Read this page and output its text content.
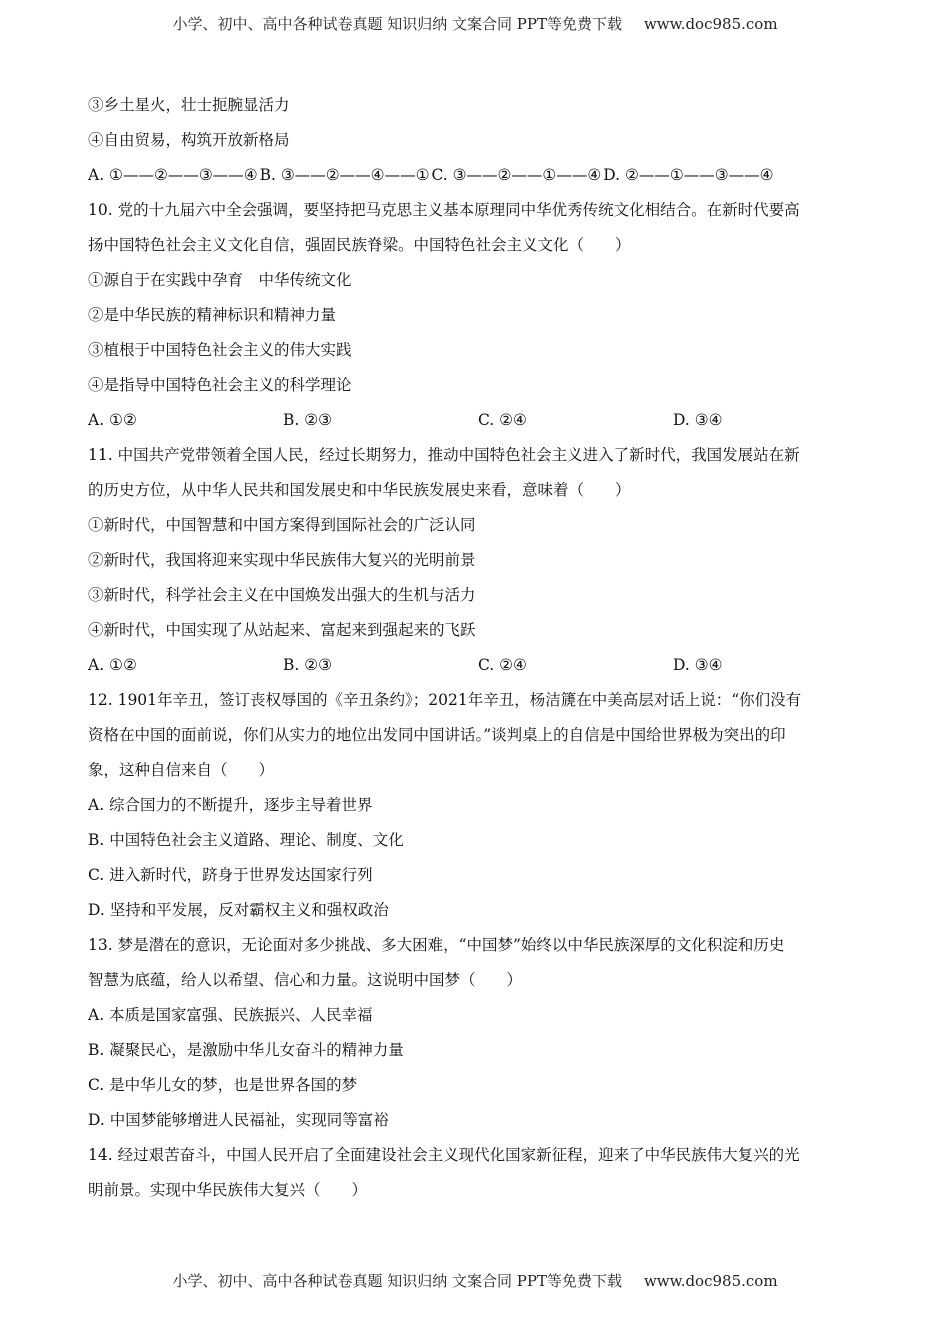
小学、初中、高中各种试卷真题 知识归纳 文案合同 PPT等免费下载 www.doc985.com
③乡土星火，壮士扼腕显活力
④自由贸易，构筑开放新格局
A. ①——②——③——④ B. ③——②——④——① C. ③——②——①——④ D. ②——①——③——④
10. 党的十九届六中全会强调，要坚持把马克思主义基本原理同中华优秀传统文化相结合。在新时代要高
扬中国特色社会主义文化自信，强固民族脊梁。中国特色社会主义文化（　　）
①源自于在实践中孕育　中华传统文化
②是中华民族的精神标识和精神力量
③植根于中国特色社会主义的伟大实践
④是指导中国特色社会主义的科学理论
A. ①②	B. ②③	C. ②④	D. ③④
11. 中国共产党带领着全国人民，经过长期努力，推动中国特色社会主义进入了新时代，我国发展站在新
的历史方位，从中华人民共和国发展史和中华民族发展史来看，意味着（　　）
①新时代，中国智慧和中国方案得到国际社会的广泛认同
②新时代，我国将迎来实现中华民族伟大复兴的光明前景
③新时代，科学社会主义在中国焕发出强大的生机与活力
④新时代，中国实现了从站起来、富起来到强起来的飞跃
A. ①②	B. ②③	C. ②④	D. ③④
12. 1901年辛丑，签订丧权辱国的《辛丑条约》；2021年辛丑，杨洁篪在中美高层对话上说：“你们没有
资格在中国的面前说，你们从实力的地位出发同中国讲话。”谈判桌上的自信是中国给世界极为突出的印
象，这种自信来自（　　）
A. 综合国力的不断提升，逐步主导着世界
B. 中国特色社会主义道路、理论、制度、文化
C. 进入新时代，跻身于世界发达国家行列
D. 坚持和平发展，反对霸权主义和强权政治
13. 梦是潜在的意识，无论面对多少挑战、多大困难，“中国梦”始终以中华民族深厚的文化积淀和历史
智慧为底蕴，给人以希望、信心和力量。这说明中国梦（　　）
A. 本质是国家富强、民族振兴、人民幸福
B. 凝聚民心，是激励中华儿女奋斗的精神力量
C. 是中华儿女的梦，也是世界各国的梦
D. 中国梦能够增进人民福祉，实现同等富裕
14. 经过艰苦奋斗，中国人民开启了全面建设社会主义现代化国家新征程，迎来了中华民族伟大复兴的光
明前景。实现中华民族伟大复兴（　　）
小学、初中、高中各种试卷真题 知识归纳 文案合同 PPT等免费下载 www.doc985.com
